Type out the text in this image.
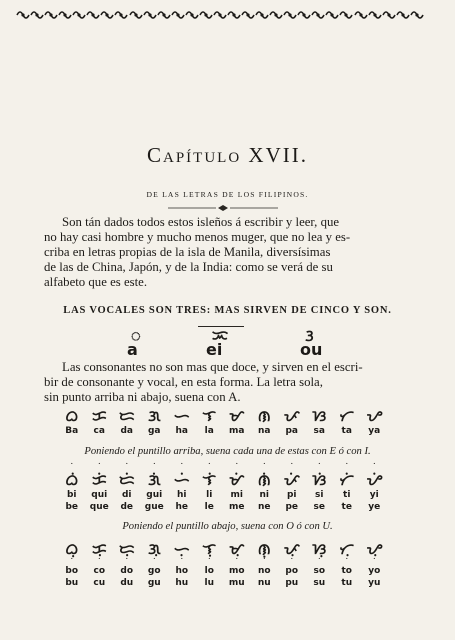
Capítulo XVII.
DE LAS LETRAS DE LOS FILIPINOS.
Son tán dados todos estos isleños á escribir y leer, que
no hay casi hombre y mucho menos muger, que no lea y es-
criba en letras propias de la isla de Manila, diversísimas
de las de China, Japón, y de la India: como se verá de su
alfabeto que es este.
LAS VOCALES SON TRES: MAS SIRVEN DE CINCO Y SON.
ᜀ
a
ᜁ
ei
ᜂ
ou
Las consonantes no son mas que doce, y sirven en el escri-
bir de consonante y vocal, en esta forma. La letra sola,
sin punto arriba ni abajo, suena con A.
ᜊ ᜃ ᜇ ᜄ ᜑ ᜎ ᜋ ᜈ ᜉ ᜐ ᜆ ᜌ
Ba	ca	da	ga	ha	la	ma	na	pa	sa	ta	ya
Poniendo el puntillo arriba, suena cada una de estas con E ó con I.
˙	˙	˙	˙	˙	˙	˙	˙	˙	˙	˙	˙
ᜊᜒ ᜃᜒ ᜇᜒ ᜄᜒ ᜑᜒ ᜎᜒ ᜋᜒ ᜈᜒ ᜉᜒ ᜐᜒ ᜆᜒ ᜌᜒ
bi	qui	di	gui	hi	li	mi	ni	pi	si	ti	yi
be	que	de	gue	he	le	me	ne	pe	se	te	ye
Poniendo el puntillo abajo, suena con O ó con U.
ᜊᜓ ᜃᜓ ᜇᜓ ᜄᜓ ᜑᜓ ᜎᜓ ᜋᜓ ᜈᜓ ᜉᜓ ᜐᜓ ᜆᜓ ᜌᜓ
˙	˙	˙	˙	˙	˙	˙	˙	˙	˙	˙	˙
bo	co	do	go	ho	lo	mo	no	po	so	to	yo
bu	cu	du	gu	hu	lu	mu	nu	pu	su	tu	yu
